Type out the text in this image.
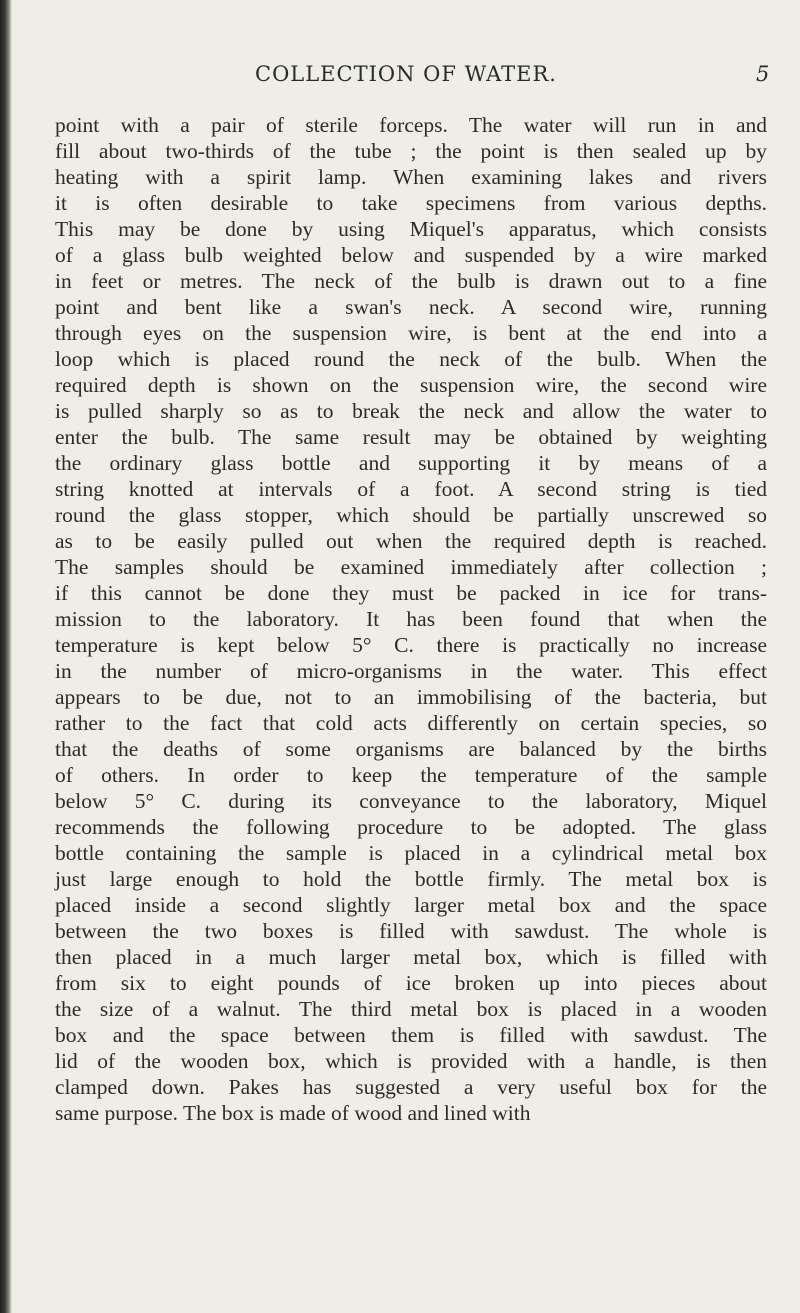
COLLECTION OF WATER.	5
point with a pair of sterile forceps. The water will run in and
fill about two-thirds of the tube ; the point is then sealed up by
heating with a spirit lamp. When examining lakes and rivers
it is often desirable to take specimens from various depths.
This may be done by using Miquel's apparatus, which consists
of a glass bulb weighted below and suspended by a wire marked
in feet or metres. The neck of the bulb is drawn out to a fine
point and bent like a swan's neck. A second wire, running
through eyes on the suspension wire, is bent at the end into a
loop which is placed round the neck of the bulb. When the
required depth is shown on the suspension wire, the second wire
is pulled sharply so as to break the neck and allow the water to
enter the bulb. The same result may be obtained by weighting
the ordinary glass bottle and supporting it by means of a
string knotted at intervals of a foot. A second string is tied
round the glass stopper, which should be partially unscrewed so
as to be easily pulled out when the required depth is reached.
The samples should be examined immediately after collection ;
if this cannot be done they must be packed in ice for trans-
mission to the laboratory. It has been found that when the
temperature is kept below 5° C. there is practically no increase
in the number of micro-organisms in the water. This effect
appears to be due, not to an immobilising of the bacteria, but
rather to the fact that cold acts differently on certain species, so
that the deaths of some organisms are balanced by the births
of others. In order to keep the temperature of the sample
below 5° C. during its conveyance to the laboratory, Miquel
recommends the following procedure to be adopted. The glass
bottle containing the sample is placed in a cylindrical metal box
just large enough to hold the bottle firmly. The metal box is
placed inside a second slightly larger metal box and the space
between the two boxes is filled with sawdust. The whole is
then placed in a much larger metal box, which is filled with
from six to eight pounds of ice broken up into pieces about
the size of a walnut. The third metal box is placed in a wooden
box and the space between them is filled with sawdust. The
lid of the wooden box, which is provided with a handle, is then
clamped down. Pakes has suggested a very useful box for the
same purpose. The box is made of wood and lined with
